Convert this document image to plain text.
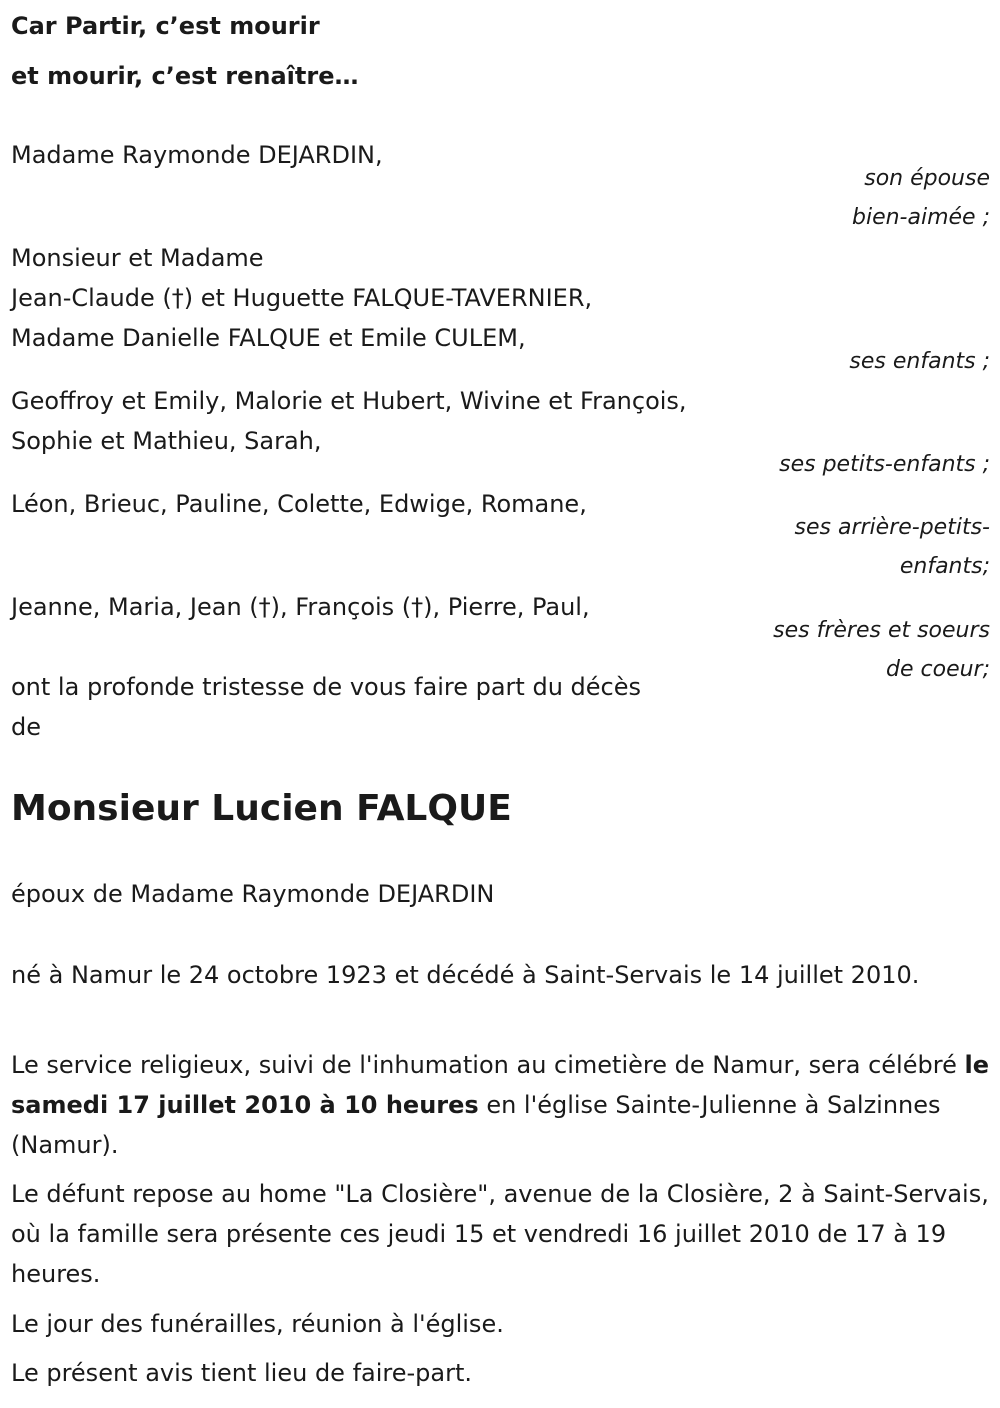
Car Partir, c’est mourir
et mourir, c’est renaître…
Madame Raymonde DEJARDIN,
son épouse
bien-aimée ;
Monsieur et Madame
Jean-Claude (†) et Huguette FALQUE-TAVERNIER,
Madame Danielle FALQUE et Emile CULEM,
ses enfants ;
Geoffroy et Emily, Malorie et Hubert, Wivine et François,
Sophie et Mathieu, Sarah,
ses petits-enfants ;
Léon, Brieuc, Pauline, Colette, Edwige, Romane,
ses arrière-petits-
enfants;
Jeanne, Maria, Jean (†), François (†), Pierre, Paul,
ses frères et soeurs
de coeur;
ont la profonde tristesse de vous faire part du décès
de
Monsieur Lucien FALQUE
époux de Madame Raymonde DEJARDIN
né à Namur le 24 octobre 1923 et décédé à Saint-Servais le 14 juillet 2010.
Le service religieux, suivi de l'inhumation au cimetière de Namur, sera célébré le samedi 17 juillet 2010 à 10 heures en l'église Sainte-Julienne à Salzinnes (Namur).
Le défunt repose au home "La Closière", avenue de la Closière, 2 à Saint-Servais, où la famille sera présente ces jeudi 15 et vendredi 16 juillet 2010 de 17 à 19 heures.
Le jour des funérailles, réunion à l'église.
Le présent avis tient lieu de faire-part.
